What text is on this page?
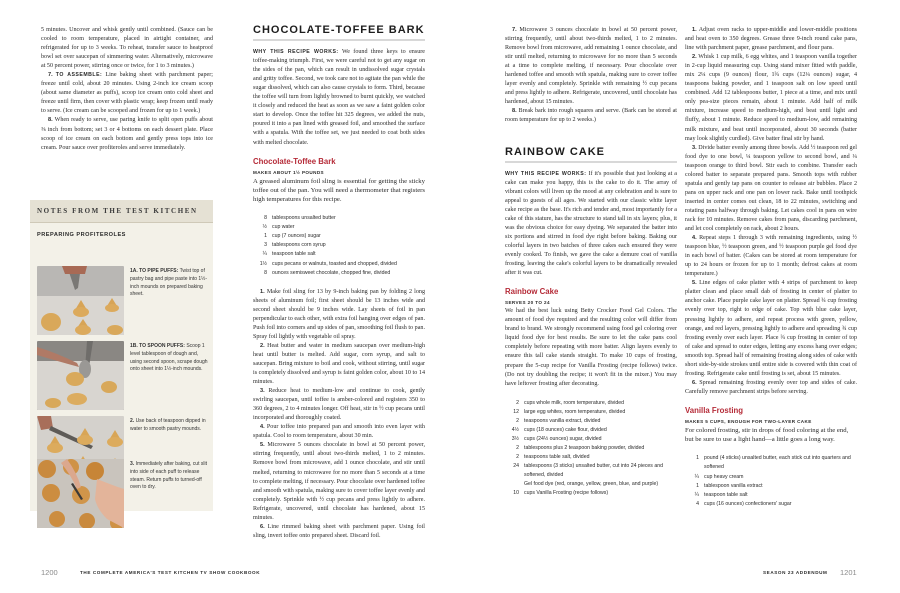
5 minutes. Uncover and whisk gently until combined. (Sauce can be cooled to room temperature, placed in airtight container, and refrigerated for up to 3 weeks. To reheat, transfer sauce to heatproof bowl set over saucepan of simmering water. Alternatively, microwave at 50 percent power, stirring once or twice, for 1 to 3 minutes.)

7. TO ASSEMBLE: Line baking sheet with parchment paper; freeze until cold, about 20 minutes. Using 2-inch ice cream scoop (about same diameter as puffs), scoop ice cream onto cold sheet and freeze until firm, then cover with plastic wrap; keep frozen until ready to serve. (Ice cream can be scooped and frozen for up to 1 week.)

8. When ready to serve, use paring knife to split open puffs about ⅜ inch from bottom; set 3 or 4 bottoms on each dessert plate. Place scoop of ice cream on each bottom and gently press tops into ice cream. Pour sauce over profiteroles and serve immediately.

NOTES FROM THE TEST KITCHEN
PREPARING PROFITEROLES
1A. TO PIPE PUFFS: Twist top of pastry bag and pipe paste into 1½-inch mounds on prepared baking sheet.
1B. TO SPOON PUFFS: Scoop 1 level tablespoon of dough and, using second spoon, scrape dough onto sheet into 1½-inch mounds.
2. Use back of teaspoon dipped in water to smooth pastry mounds.
3. Immediately after baking, cut slit into side of each puff to release steam. Return puffs to turned-off oven to dry.
CHOCOLATE-TOFFEE BARK

WHY THIS RECIPE WORKS: We found three keys to ensure toffee-making triumph. First, we were careful not to get any sugar on the sides of the pan, which can result in undissolved sugar crystals and gritty toffee. Second, we took care not to agitate the pan while the sugar dissolved, which can also cause crystals to form. Third, because the toffee will turn from lightly browned to burnt quickly, we watched it closely and reduced the heat as soon as we saw a faint golden color start to develop. Once the toffee hit 325 degrees, we added the nuts, poured it into a pan lined with greased foil, and smoothed the surface with a spatula. With the toffee set, we just needed to coat both sides with melted chocolate.

Chocolate-Toffee Bark
MAKES ABOUT 1½ POUNDS

A greased aluminum foil sling is essential for getting the sticky toffee out of the pan. You will need a thermometer that registers high temperatures for this recipe.

8 tablespoons unsalted butter
½ cup water
1 cup (7 ounces) sugar
3 tablespoons corn syrup
¼ teaspoon table salt
1½ cups pecans or walnuts, toasted and chopped, divided
8 ounces semisweet chocolate, chopped fine, divided

1. Make foil sling for 13 by 9-inch baking pan by folding 2 long sheets of aluminum foil; first sheet should be 13 inches wide and second sheet should be 9 inches wide. Lay sheets of foil in pan perpendicular to each other, with extra foil hanging over edges of pan. Push foil into corners and up sides of pan, smoothing foil flush to pan. Spray foil lightly with vegetable oil spray.

2. Heat butter and water in medium saucepan over medium-high heat until butter is melted. Add sugar, corn syrup, and salt to saucepan. Bring mixture to boil and cook, without stirring, until sugar is completely dissolved and syrup is faint golden color, about 10 to 14 minutes.

3. Reduce heat to medium-low and continue to cook, gently swirling saucepan, until toffee is amber-colored and registers 350 to 360 degrees, 2 to 4 minutes longer. Off heat, stir in ½ cup pecans until incorporated and thoroughly coated.

4. Pour toffee into prepared pan and smooth into even layer with spatula. Cool to room temperature, about 30 min.

5. Microwave 5 ounces chocolate in bowl at 50 percent power, stirring frequently, until about two-thirds melted, 1 to 2 minutes. Remove bowl from microwave, add 1 ounce chocolate, and stir until melted, returning to microwave for no more than 5 seconds at a time to complete melting, if necessary. Pour chocolate over hardened toffee and smooth with spatula, making sure to cover toffee layer evenly and completely. Sprinkle with ½ cup pecans and press lightly to adhere. Refrigerate, uncovered, until chocolate has hardened, about 15 minutes.

6. Line rimmed baking sheet with parchment paper. Using foil sling, invert toffee onto prepared sheet. Discard foil.

7. Microwave 3 ounces chocolate in bowl at 50 percent power, stirring frequently, until about two-thirds melted, 1 to 2 minutes. Remove bowl from microwave, add remaining 1 ounce chocolate, and stir until melted, returning to microwave for no more than 5 seconds at a time to complete melting, if necessary. Pour chocolate over hardened toffee and smooth with spatula, making sure to cover toffee layer evenly and completely. Sprinkle with remaining ½ cup pecans and press lightly to adhere. Refrigerate, uncovered, until chocolate has hardened, about 15 minutes.

8. Break bark into rough squares and serve. (Bark can be stored at room temperature for up to 2 weeks.)

RAINBOW CAKE

WHY THIS RECIPE WORKS: If it's possible that just looking at a cake can make you happy, this is the cake to do it. The array of vibrant colors will liven up the mood at any celebration and is sure to appeal to guests of all ages. We started with our classic white layer cake recipe as the base. It's rich and tender and, most importantly for a cake of this stature, has the structure to stand tall in six layers; plus, it was the obvious choice for easy dyeing. We separated the batter into six portions and stirred in food dye right before baking. Baking our colorful layers in two batches of three cakes each ensured they were evenly cooked. To finish, we gave the cake a demure coat of vanilla frosting, leaving the cake's colorful layers to be dramatically revealed after it was cut.

Rainbow Cake
SERVES 20 TO 24

We had the best luck using Betty Crocker Food Gel Colors. The amount of food dye required and the resulting color will differ from brand to brand. We strongly recommend using food gel coloring over liquid food dye for best results. Be sure to let the cake pans cool completely before repeating with more batter. Align layers evenly to ensure this tall cake stands straight. To make 10 cups of frosting, prepare the 5-cup recipe for Vanilla Frosting (recipe follows) twice. (Do not try doubling the recipe; it won't fit in the mixer.) You may have leftover frosting after decorating.

2 cups whole milk, room temperature, divided
12 large egg whites, room temperature, divided
2 teaspoons vanilla extract, divided
4½ cups (18 ounces) cake flour, divided
3½ cups (24½ ounces) sugar, divided
2 tablespoons plus 2 teaspoon baking powder, divided
2 teaspoons table salt, divided
24 tablespoons (3 sticks) unsalted butter, cut into 24 pieces and softened, divided
Gel food dye (red, orange, yellow, green, blue, and purple)
10 cups Vanilla Frosting (recipe follows)

1. Adjust oven racks to upper-middle and lower-middle positions and heat oven to 350 degrees. Grease three 9-inch round cake pans, line with parchment paper, grease parchment, and flour pans.

2. Whisk 1 cup milk, 6 egg whites, and 1 teaspoon vanilla together in 2-cup liquid measuring cup. Using stand mixer fitted with paddle, mix 2¼ cups (9 ounces) flour, 1¾ cups (12¼ ounces) sugar, 4 teaspoons baking powder, and 1 teaspoon salt on low speed until combined. Add 12 tablespoons butter, 1 piece at a time, and mix until only pea-size pieces remain, about 1 minute. Add half of milk mixture, increase speed to medium-high, and beat until light and fluffy, about 1 minute. Reduce speed to medium-low, add remaining milk mixture, and beat until incorporated, about 30 seconds (batter may look slightly curdled). Give batter final stir by hand.

3. Divide batter evenly among three bowls. Add ½ teaspoon red gel food dye to one bowl, ¼ teaspoon yellow to second bowl, and ¼ teaspoon orange to third bowl. Stir each to combine. Transfer each colored batter to separate prepared pans. Smooth tops with rubber spatula and gently tap pans on counter to release air bubbles. Place 2 pans on upper rack and one pan on lower rack. Bake until toothpick inserted in center comes out clean, 18 to 22 minutes, switching and rotating pans halfway through baking. Let cakes cool in pans on wire rack for 10 minutes. Remove cakes from pans, discarding parchment, and let cool completely on rack, about 2 hours.

4. Repeat steps 1 through 3 with remaining ingredients, using ½ teaspoon blue, ½ teaspoon green, and ½ teaspoon purple gel food dye in each bowl of batter. (Cakes can be stored at room temperature for up to 24 hours or frozen for up to 1 month; defrost cakes at room temperature.)

5. Line edges of cake platter with 4 strips of parchment to keep platter clean and place small dab of frosting in center of platter to anchor cake. Place purple cake layer on platter. Spread ¾ cup frosting evenly over top, right to edge of cake. Top with blue cake layer, pressing lightly to adhere, and repeat process with green, yellow, orange, and red layers, pressing lightly to adhere and spreading ¾ cup frosting evenly over each layer. Place ¾ cup frosting in center of top of cake and spread to outer edges, letting any excess hang over edges; smooth top. Spread half of remaining frosting along sides of cake with short side-by-side strokes until entire side is covered with thin coat of frosting. Refrigerate cake until frosting is set, about 15 minutes.

6. Spread remaining frosting evenly over top and sides of cake. Carefully remove parchment strips before serving.

Vanilla Frosting
MAKES 5 CUPS, ENOUGH FOR TWO-LAYER CAKE

For colored frosting, stir in drops of food coloring at the end, but be sure to use a light hand—a little goes a long way.

1 pound (4 sticks) unsalted butter, each stick cut into quarters and softened
¼ cup heavy cream
1 tablespoon vanilla extract
¼ teaspoon table salt
4 cups (16 ounces) confectioners' sugar
1200	THE COMPLETE AMERICA'S TEST KITCHEN TV SHOW COOKBOOK	SEASON 23 ADDENDUM 1201
